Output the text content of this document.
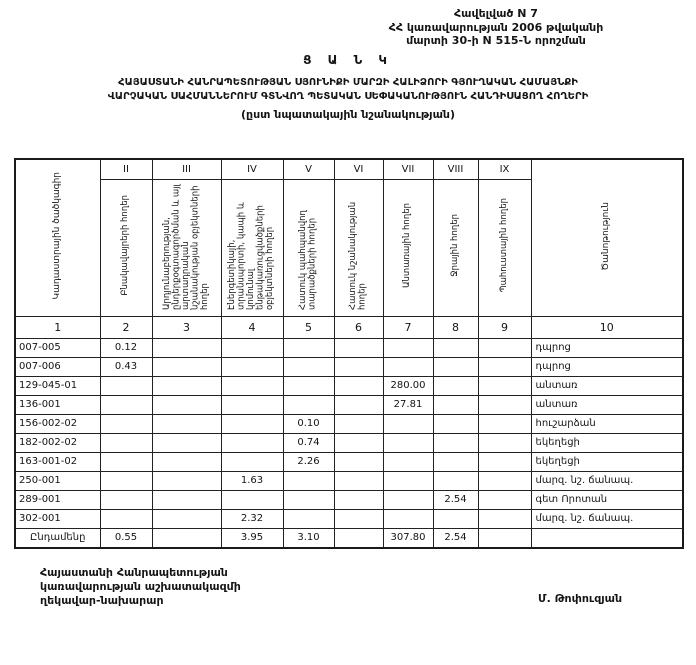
Հավելված N 7
ՀՀ կառավարության 2006 թվականի
մարտի 30-ի N 515-Ն որոշման
Ց Ա Ն Կ
ՀԱՅԱՍՏԱՆԻ ՀԱՆՐԱՊԵՏՈՒԹՅԱՆ ՍՅՈՒՆԻՔԻ ՄԱՐԶԻ ՀԱԼԻՁՈՐԻ ԳՅՈՒՂԱԿԱՆ ՀԱՄԱՅՆՔԻ
ՎԱՐՉԱԿԱՆ ՍԱՀՄԱՆՆԵՐՈՒՄ ԳՏՆՎՈՂ ՊԵՏԱԿԱՆ ՍԵՓԱԿԱՆՈՒԹՅՈՒՆ ՀԱՆԴԻՍԱՑՈՂ ՀՈՂԵՐԻ
(ըստ նպատակային նշանակության)
Կադաստրային ծածկագիր	II	III	IV	V	VI	VII	VIII	IX	Ծանոթություն
	Բնակավայրերի հողեր	Արդյունաբերության, ընդերքօգտագործման և այլ արտադրական նշանակության օբյեկտների հողեր	Էներգետիկայի, տրանսպորտի, կապի և կոմունալ ենթակառուցվածքների օբյեկտների հողեր	Հատուկ պահպանվող տարածքների հողեր	Հատուկ նշանակության հողեր	Անտառային հողեր	Ջրային հողեր	Պահուստային հողեր	
1	2	3	4	5	6	7	8	9	10
007-005	0.12								դպրոց
007-006	0.43								դպրոց
129-045-01						280.00			անտառ
136-001						27.81			անտառ
156-002-02				0.10					հուշարձան
182-002-02				0.74					եկեղեցի
163-001-02				2.26					եկեղեցի
250-001			1.63						մարզ. նշ. ճանապ.
289-001							2.54		գետ Որոտան
302-001			2.32						մարզ. նշ. ճանապ.
Ընդամենը	0.55		3.95	3.10		307.80	2.54		
Հայաստանի Հանրապետության
կառավարության աշխատակազմի
ղեկավար-նախարար	Մ. Թոփուզյան
